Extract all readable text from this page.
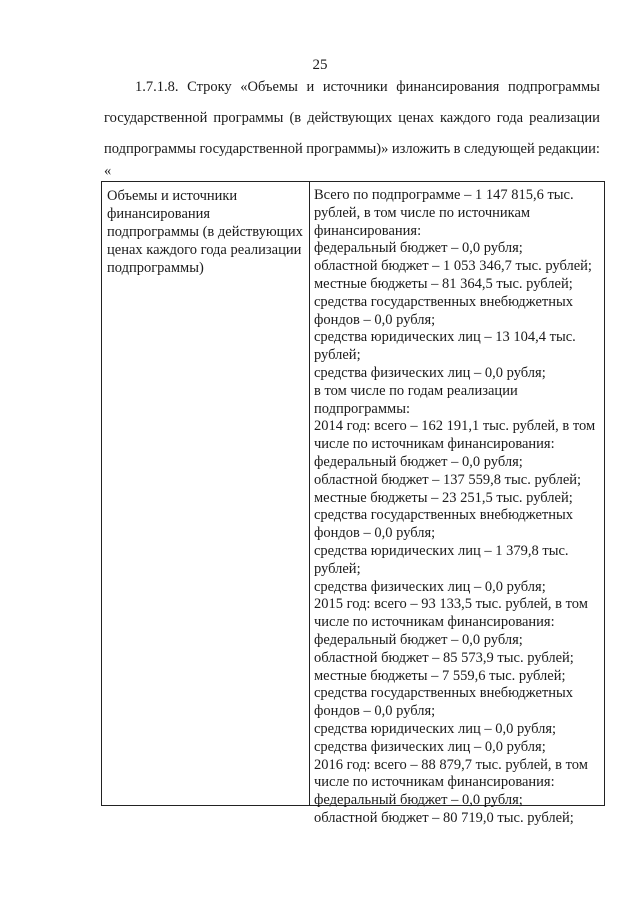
25
1.7.1.8. Строку «Объемы и источники финансирования подпрограммы
государственной программы (в действующих ценах каждого года реализации
подпрограммы государственной программы)» изложить в следующей редакции:
«
Объемы и источники
финансирования
подпрограммы (в действующих
ценах каждого года реализации
подпрограммы)
Всего по подпрограмме – 1 147 815,6 тыс.
рублей, в том числе по источникам
финансирования:
федеральный бюджет – 0,0 рубля;
областной бюджет – 1 053 346,7 тыс. рублей;
местные бюджеты – 81 364,5 тыс. рублей;
средства государственных внебюджетных
фондов – 0,0 рубля;
средства юридических лиц – 13 104,4 тыс.
рублей;
средства физических лиц – 0,0 рубля;
в том числе по годам реализации
подпрограммы:
2014 год: всего – 162 191,1 тыс. рублей, в том
числе по источникам финансирования:
федеральный бюджет – 0,0 рубля;
областной бюджет – 137 559,8 тыс. рублей;
местные бюджеты – 23 251,5 тыс. рублей;
средства государственных внебюджетных
фондов – 0,0 рубля;
средства юридических лиц – 1 379,8 тыс.
рублей;
средства физических лиц – 0,0 рубля;
2015 год: всего – 93 133,5 тыс. рублей, в том
числе по источникам финансирования:
федеральный бюджет – 0,0 рубля;
областной бюджет – 85 573,9 тыс. рублей;
местные бюджеты – 7 559,6 тыс. рублей;
средства государственных внебюджетных
фондов – 0,0 рубля;
средства юридических лиц – 0,0 рубля;
средства физических лиц – 0,0 рубля;
2016 год: всего – 88 879,7 тыс. рублей, в том
числе по источникам финансирования:
федеральный бюджет – 0,0 рубля;
областной бюджет – 80 719,0 тыс. рублей;
